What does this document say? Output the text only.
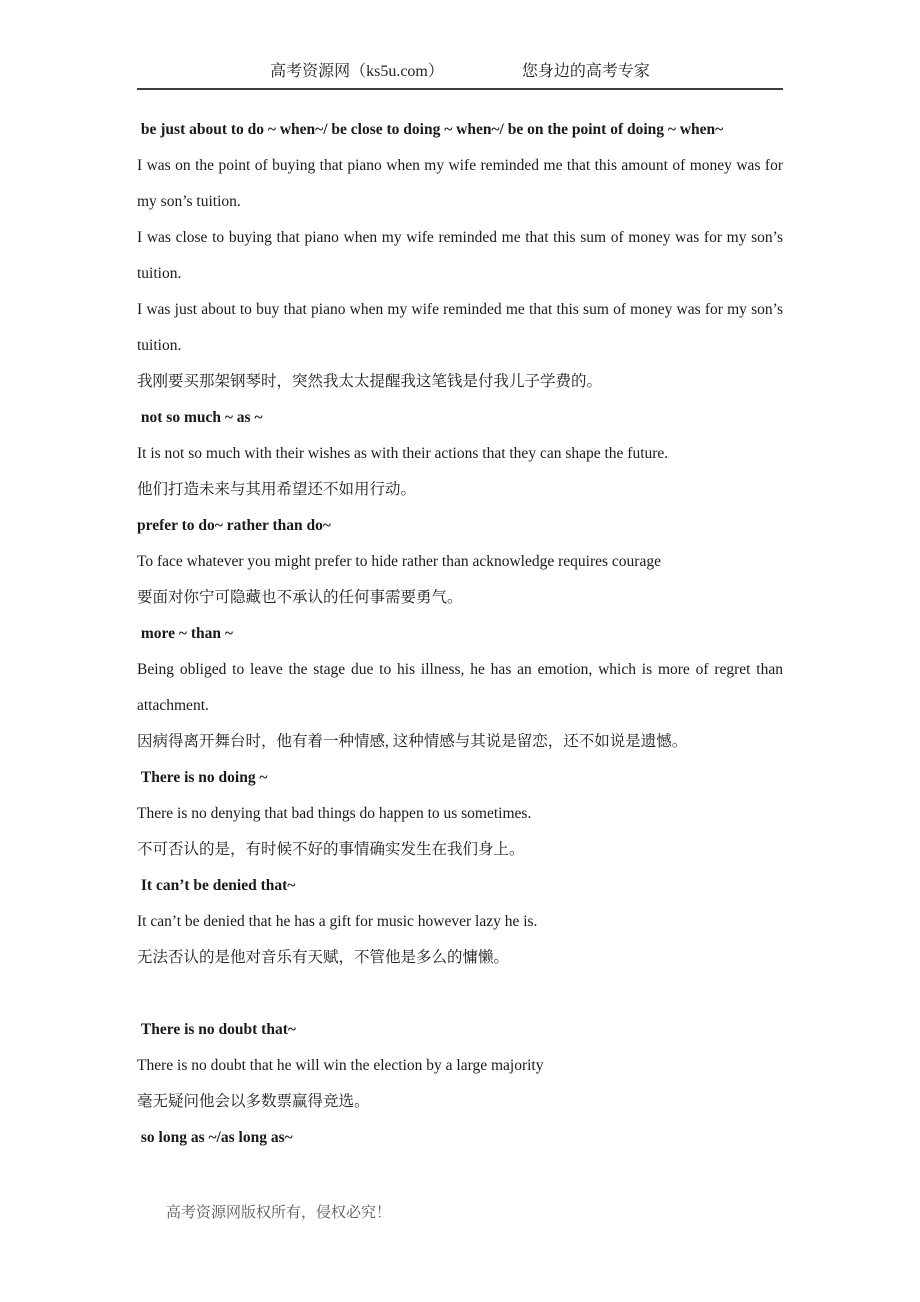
高考资源网（ks5u.com）	您身边的高考专家
be just about to do ~ when~/ be close to doing ~ when~/ be on the point of doing ~ when~
I was on the point of buying that piano when my wife reminded me that this amount of money was for my son’s tuition.
I was close to buying that piano when my wife reminded me that this sum of money was for my son’s tuition.
I was just about to buy that piano when my wife reminded me that this sum of money was for my son’s tuition.
我刚要买那架钢琴时，突然我太太提醒我这笔钱是付我儿子学费的。
not so much ~ as ~
It is not so much with their wishes as with their actions that they can shape the future.
他们打造未来与其用希望还不如用行动。
prefer to do~ rather than do~
To face whatever you might prefer to hide rather than acknowledge requires courage
要面对你宁可隐藏也不承认的任何事需要勇气。
more ~ than ~
Being obliged to leave the stage due to his illness, he has an emotion, which is more of regret than attachment.
因病得离开舞台时，他有着一种情感, 这种情感与其说是留恋，还不如说是遗憾。
There is no doing ~
There is no denying that bad things do happen to us sometimes.
不可否认的是，有时候不好的事情确实发生在我们身上。
It can’t be denied that~
It can’t be denied that he has a gift for music however lazy he is.
无法否认的是他对音乐有天赋，不管他是多么的慵懒。
There is no doubt that~
There is no doubt that he will win the election by a large majority
毫无疑问他会以多数票赢得竞选。
so long as ~/as long as~
高考资源网版权所有，侵权必究！
